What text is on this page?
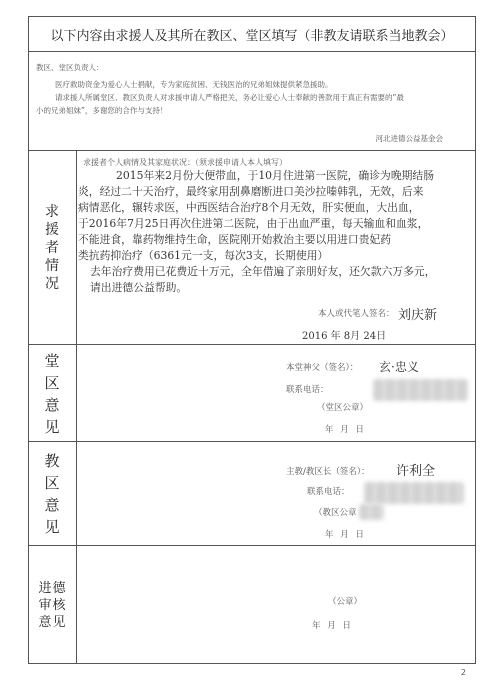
以下内容由求援人及其所在教区、堂区填写（非教友请联系当地教会）
教区、堂区负责人：
医疗救助资金为爱心人士捐献，专为家庭贫困、无钱医治的兄弟姐妹提供紧急援助。
请求援人所属堂区、教区负责人对求援申请人严格把关，务必让爱心人士奉献的善款用于真正有需要的”最
小的兄弟姐妹”，多谢您的合作与支持！
河北进德公益基金会
求援者情况
求援者个人病情及其家庭状况：（须求援申请人本人填写）
本人或代笔人签名： 刘庆新
2016 年 8月 24日
堂区意见
本堂神父（签名）： 玄·忠义
联系电话：
（堂区公章）
年 月 日
教区意见
主教/教区长（签名）： 许利全
联系电话：
（教区公章
年 月 日
进德审核意见
（公章）
年 月 日
2
2015年来2月份大便带血，于10月住进第一医院，确诊为晚期结肠
炎，经过二十天治疗，最终家用刮鼻磨断进口美沙拉嗪韩乳，无效，后来
病情恶化，辗转求医，中西医结合治疗8个月无效，肝实便血，大出血，
于2016年7月25日再次住进第二医院，由于出血严重，每天输血和血浆，
不能进食，靠药物维持生命，医院刚开始救治主要以用进口贵妃药
类抗药抑治疗（6361元一支，每次3支，长期使用）
去年治疗费用已花费近十万元，全年借遍了亲朋好友，还欠款六万多元，
请出进德公益帮助。
